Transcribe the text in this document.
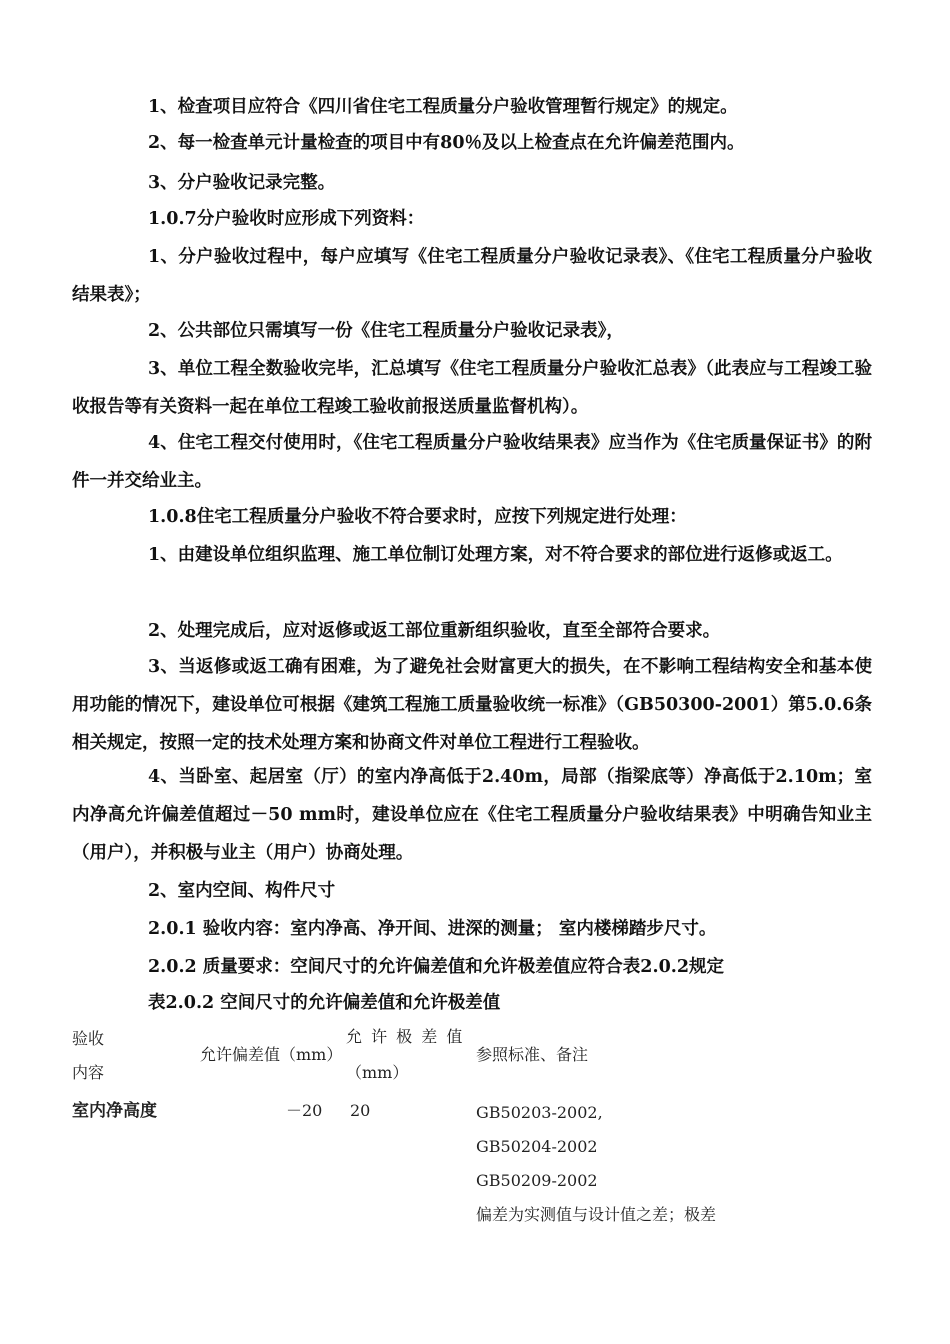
1、检查项目应符合《四川省住宅工程质量分户验收管理暂行规定》的规定。

2、每一检查单元计量检查的项目中有80％及以上检查点在允许偏差范围内。

3、分户验收记录完整。

1.0.7分户验收时应形成下列资料：

1、分户验收过程中，每户应填写《住宅工程质量分户验收记录表》、《住宅工程质量分户验收结果表》；

2、公共部位只需填写一份《住宅工程质量分户验收记录表》，

3、单位工程全数验收完毕，汇总填写《住宅工程质量分户验收汇总表》（此表应与工程竣工验收报告等有关资料一起在单位工程竣工验收前报送质量监督机构）。

4、住宅工程交付使用时，《住宅工程质量分户验收结果表》应当作为《住宅质量保证书》的附件一并交给业主。

1.0.8住宅工程质量分户验收不符合要求时，应按下列规定进行处理：

1、由建设单位组织监理、施工单位制订处理方案，对不符合要求的部位进行返修或返工。

2、处理完成后，应对返修或返工部位重新组织验收，直至全部符合要求。

3、当返修或返工确有困难，为了避免社会财富更大的损失，在不影响工程结构安全和基本使用功能的情况下，建设单位可根据《建筑工程施工质量验收统一标准》（GB50300-2001）第5.0.6条相关规定，按照一定的技术处理方案和协商文件对单位工程进行工程验收。

4、当卧室、起居室（厅）的室内净高低于2.40m，局部（指梁底等）净高低于2.10m；室内净高允许偏差值超过－50 mm时，建设单位应在《住宅工程质量分户验收结果表》中明确告知业主（用户），并积极与业主（用户）协商处理。

2、室内空间、构件尺寸

2.0.1 验收内容：室内净高、净开间、进深的测量； 室内楼梯踏步尺寸。

2.0.2 质量要求：空间尺寸的允许偏差值和允许极差值应符合表2.0.2规定

表2.0.2 空间尺寸的允许偏差值和允许极差值
验收
内容
允许偏差值（mm）
允 许 极 差 值
（mm）
参照标准、备注
室内净高度	－20 20	GB50203-2002,
GB50204-2002
GB50209-2002
偏差为实测值与设计值之差；极差
